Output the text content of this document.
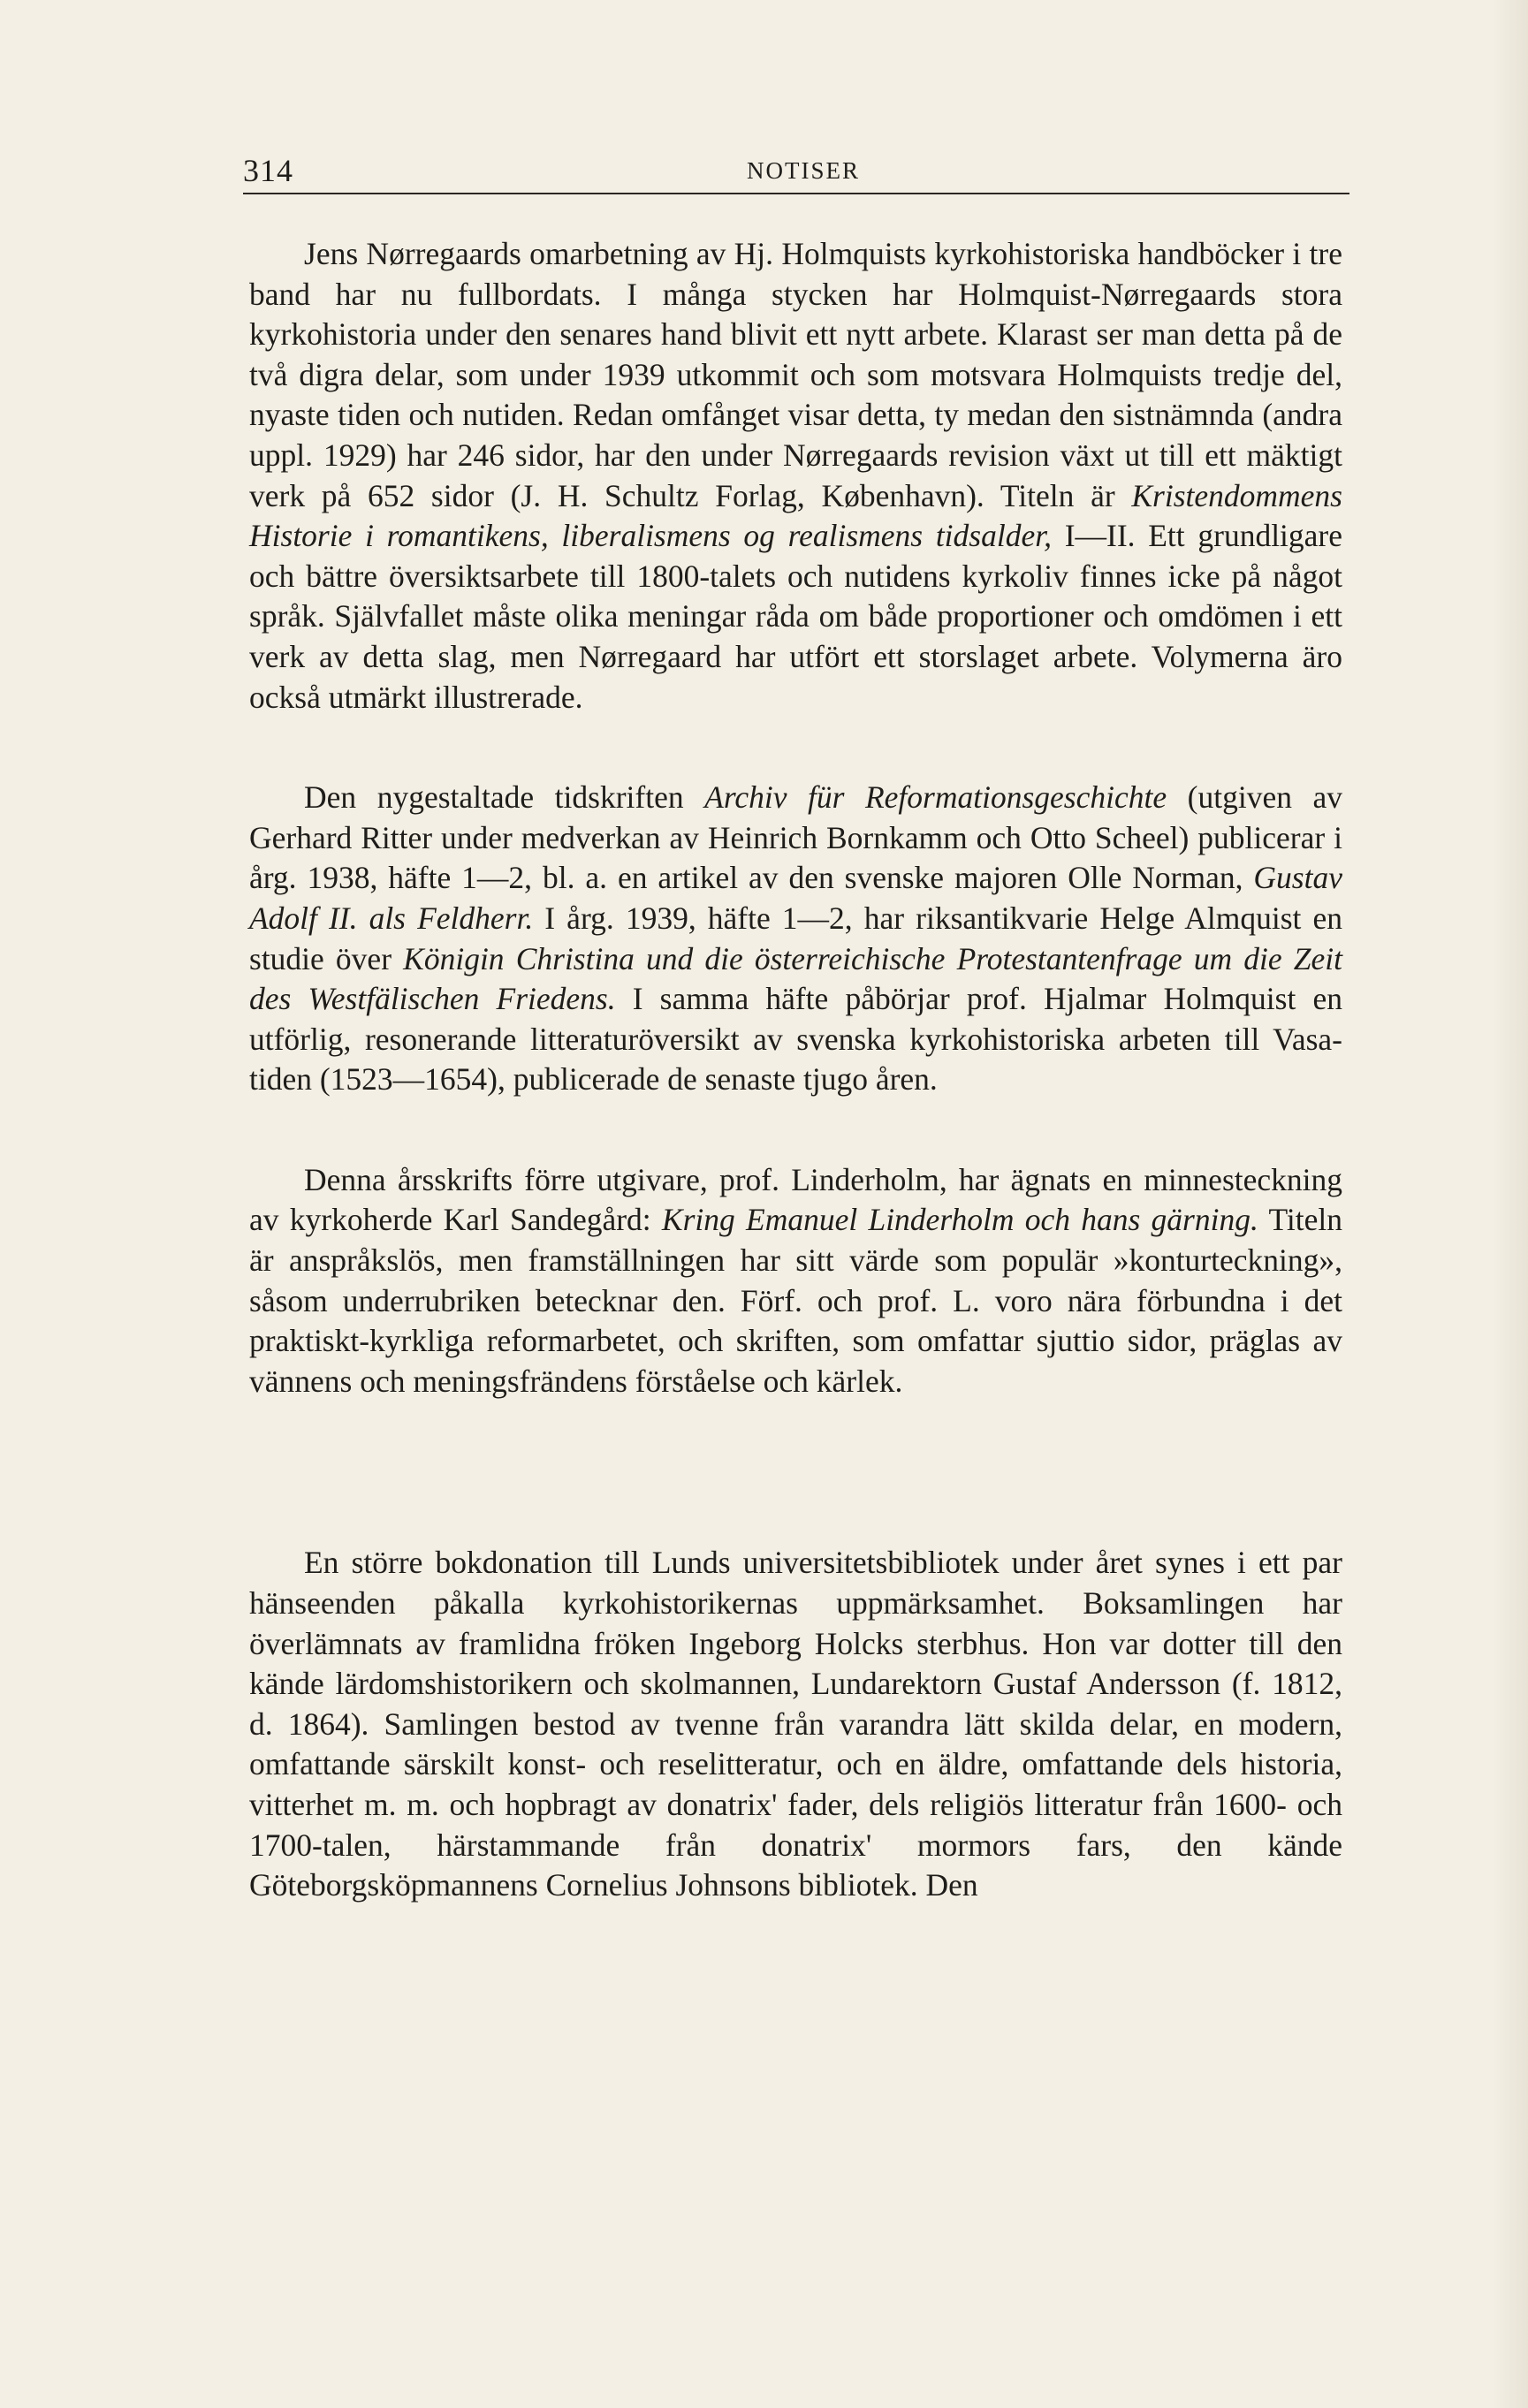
314	NOTISER

Jens Nørregaards omarbetning av Hj. Holmquists kyrkohistoriska handböcker i tre band har nu fullbordats. I många stycken har Holmquist-Nørregaards stora kyrkohistoria under den senares hand blivit ett nytt arbete. Klarast ser man detta på de två digra delar, som under 1939 utkommit och som motsvara Holmquists tredje del, nyaste tiden och nutiden. Redan omfånget visar detta, ty medan den sistnämnda (andra uppl. 1929) har 246 sidor, har den under Nørregaards revision växt ut till ett mäktigt verk på 652 sidor (J. H. Schultz Forlag, København). Titeln är Kristendommens Historie i romantikens, liberalismens og realismens tidsalder, I—II. Ett grundligare och bättre översiktsarbete till 1800-talets och nutidens kyrkoliv finnes icke på något språk. Självfallet måste olika meningar råda om både proportioner och omdömen i ett verk av detta slag, men Nørregaard har utfört ett storslaget arbete. Volymerna äro också utmärkt illustrerade.

Den nygestaltade tidskriften Archiv für Reformationsgeschichte (utgiven av Gerhard Ritter under medverkan av Heinrich Bornkamm och Otto Scheel) publicerar i årg. 1938, häfte 1—2, bl. a. en artikel av den svenske majoren Olle Norman, Gustav Adolf II. als Feldherr. I årg. 1939, häfte 1—2, har riksantikvarie Helge Almquist en studie över Königin Christina und die österreichische Protestantenfrage um die Zeit des Westfälischen Friedens. I samma häfte påbörjar prof. Hjalmar Holmquist en utförlig, resonerande litteraturöversikt av svenska kyrkohistoriska arbeten till Vasa-tiden (1523—1654), publicerade de senaste tjugo åren.

Denna årsskrifts förre utgivare, prof. Linderholm, har ägnats en minnesteckning av kyrkoherde Karl Sandegård: Kring Emanuel Linderholm och hans gärning. Titeln är anspråkslös, men framställningen har sitt värde som populär »konturteckning», såsom underrubriken betecknar den. Förf. och prof. L. voro nära förbundna i det praktiskt-kyrkliga reformarbetet, och skriften, som omfattar sjuttio sidor, präglas av vännens och meningsfrändens förståelse och kärlek.

En större bokdonation till Lunds universitetsbibliotek under året synes i ett par hänseenden påkalla kyrkohistorikernas uppmärksamhet. Boksamlingen har överlämnats av framlidna fröken Ingeborg Holcks sterbhus. Hon var dotter till den kände lärdomshistorikern och skolmannen, Lundarektorn Gustaf Andersson (f. 1812, d. 1864). Samlingen bestod av tvenne från varandra lätt skilda delar, en modern, omfattande särskilt konst- och reselitteratur, och en äldre, omfattande dels historia, vitterhet m. m. och hopbragt av donatrix' fader, dels religiös litteratur från 1600- och 1700-talen, härstammande från donatrix' mormors fars, den kände Göteborgsköpmannens Cornelius Johnsons bibliotek. Den
